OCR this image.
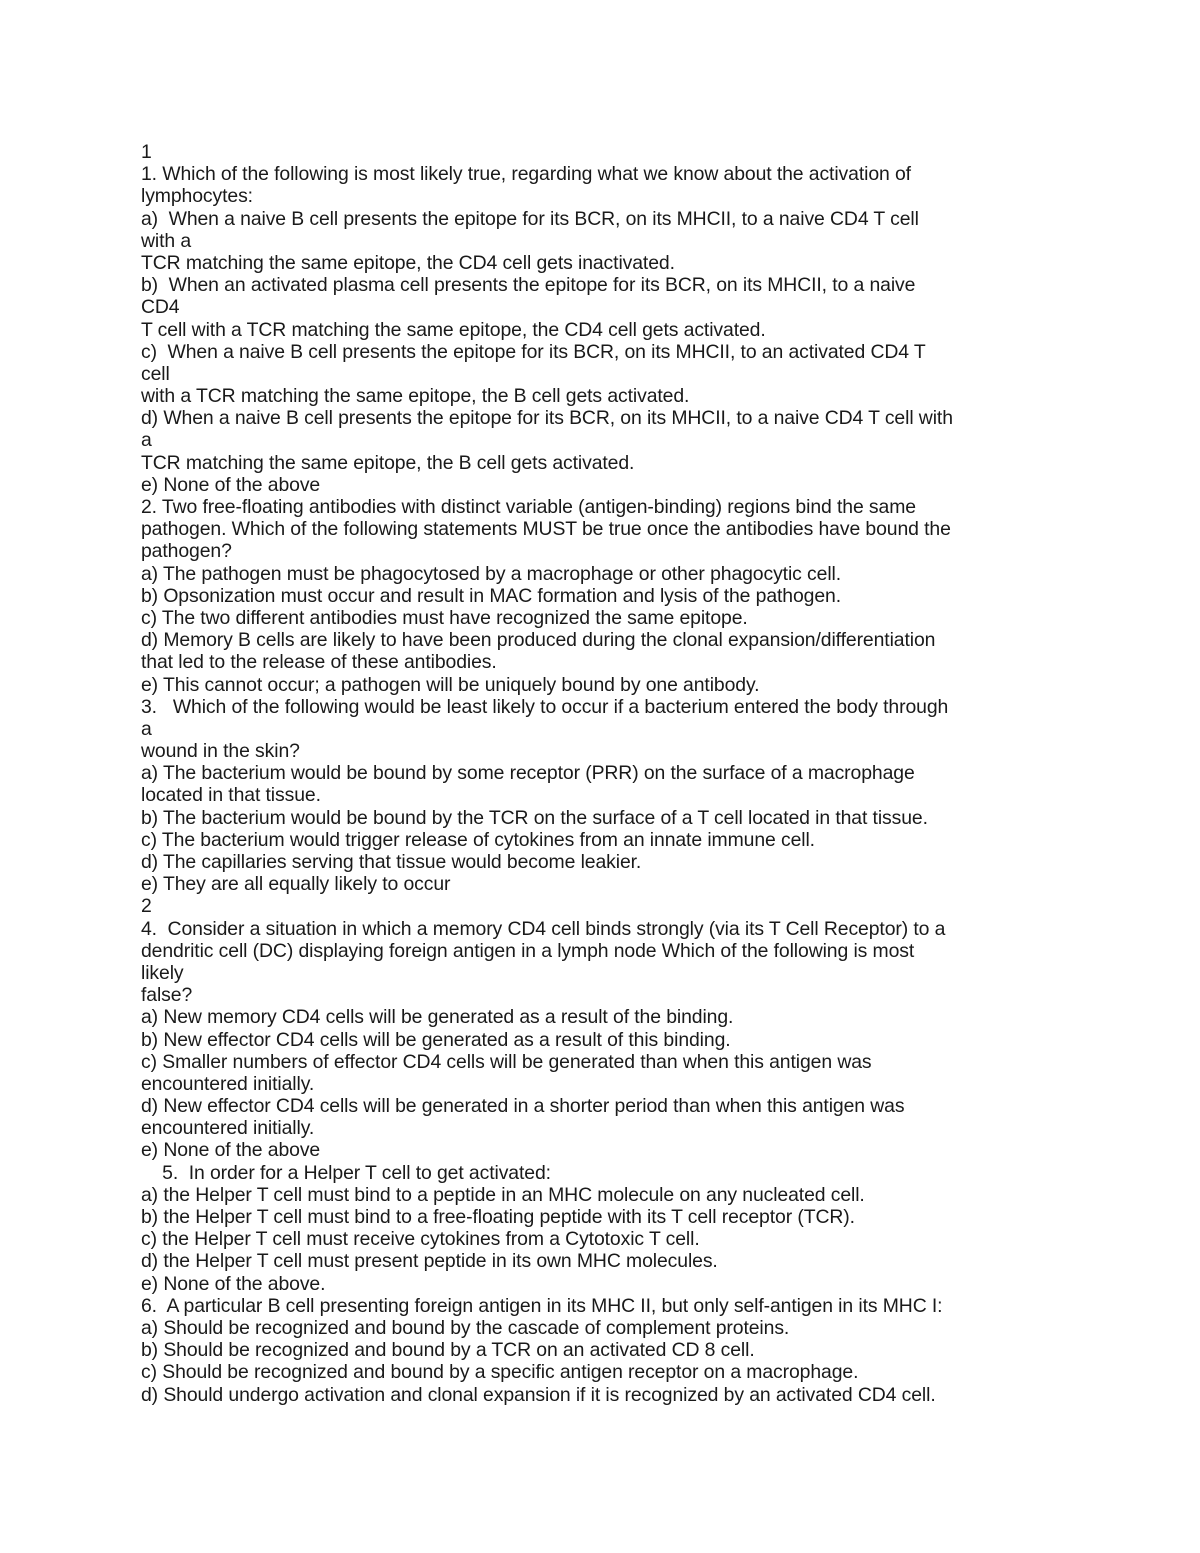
1
1. Which of the following is most likely true, regarding what we know about the activation of
lymphocytes:
a)  When a naive B cell presents the epitope for its BCR, on its MHCII, to a naive CD4 T cell
with a
TCR matching the same epitope, the CD4 cell gets inactivated.
b)  When an activated plasma cell presents the epitope for its BCR, on its MHCII, to a naive
CD4
T cell with a TCR matching the same epitope, the CD4 cell gets activated.
c)  When a naive B cell presents the epitope for its BCR, on its MHCII, to an activated CD4 T
cell
with a TCR matching the same epitope, the B cell gets activated.
d) When a naive B cell presents the epitope for its BCR, on its MHCII, to a naive CD4 T cell with
a
TCR matching the same epitope, the B cell gets activated.
e) None of the above
2. Two free-floating antibodies with distinct variable (antigen-binding) regions bind the same
pathogen. Which of the following statements MUST be true once the antibodies have bound the
pathogen?
a) The pathogen must be phagocytosed by a macrophage or other phagocytic cell.
b) Opsonization must occur and result in MAC formation and lysis of the pathogen.
c) The two different antibodies must have recognized the same epitope.
d) Memory B cells are likely to have been produced during the clonal expansion/differentiation
that led to the release of these antibodies.
e) This cannot occur; a pathogen will be uniquely bound by one antibody.
3.   Which of the following would be least likely to occur if a bacterium entered the body through
a
wound in the skin?
a) The bacterium would be bound by some receptor (PRR) on the surface of a macrophage
located in that tissue.
b) The bacterium would be bound by the TCR on the surface of a T cell located in that tissue.
c) The bacterium would trigger release of cytokines from an innate immune cell.
d) The capillaries serving that tissue would become leakier.
e) They are all equally likely to occur
2
4.  Consider a situation in which a memory CD4 cell binds strongly (via its T Cell Receptor) to a
dendritic cell (DC) displaying foreign antigen in a lymph node Which of the following is most
likely
false?
a) New memory CD4 cells will be generated as a result of the binding.
b) New effector CD4 cells will be generated as a result of this binding.
c) Smaller numbers of effector CD4 cells will be generated than when this antigen was
encountered initially.
d) New effector CD4 cells will be generated in a shorter period than when this antigen was
encountered initially.
e) None of the above
5.  In order for a Helper T cell to get activated:
a) the Helper T cell must bind to a peptide in an MHC molecule on any nucleated cell.
b) the Helper T cell must bind to a free-floating peptide with its T cell receptor (TCR).
c) the Helper T cell must receive cytokines from a Cytotoxic T cell.
d) the Helper T cell must present peptide in its own MHC molecules.
e) None of the above.
6.  A particular B cell presenting foreign antigen in its MHC II, but only self-antigen in its MHC I:
a) Should be recognized and bound by the cascade of complement proteins.
b) Should be recognized and bound by a TCR on an activated CD 8 cell.
c) Should be recognized and bound by a specific antigen receptor on a macrophage.
d) Should undergo activation and clonal expansion if it is recognized by an activated CD4 cell.
